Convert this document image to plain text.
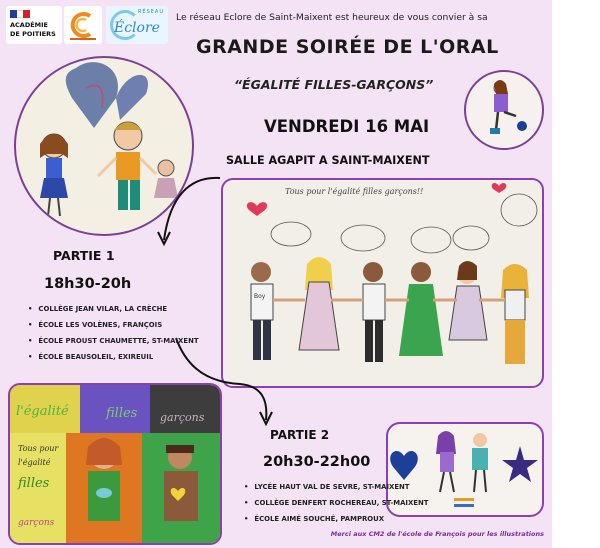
ACADÉMIE
DE POITIERS
RÉSEAU
Éclore
Le réseau Eclore de Saint-Maixent est heureux de vous convier à sa
GRANDE SOIRÉE DE L'ORAL
“ÉGALITÉ FILLES-GARÇONS”
VENDREDI 16 MAI
SALLE AGAPIT A SAINT-MAIXENT
Tous pour l'égalité filles garçons!!
Boy
l'égalité	filles garçons
Tous pour
l'égalité
filles
garçons
PARTIE 1
18h30-20h
• COLLÈGE JEAN VILAR, LA CRÈCHE
• ÉCOLE LES VOLÈNES, FRANÇOIS
• ÉCOLE PROUST CHAUMETTE, ST-MAIXENT
• ÉCOLE BEAUSOLEIL, EXIREUIL
PARTIE 2
20h30-22h00
• LYCÉE HAUT VAL DE SEVRE, ST-MAIXENT
• COLLÈGE DENFERT ROCHEREAU, ST-MAIXENT
• ÉCOLE AIMÉ SOUCHÉ, PAMPROUX
Merci aux CM2 de l'école de François pour les illustrations
